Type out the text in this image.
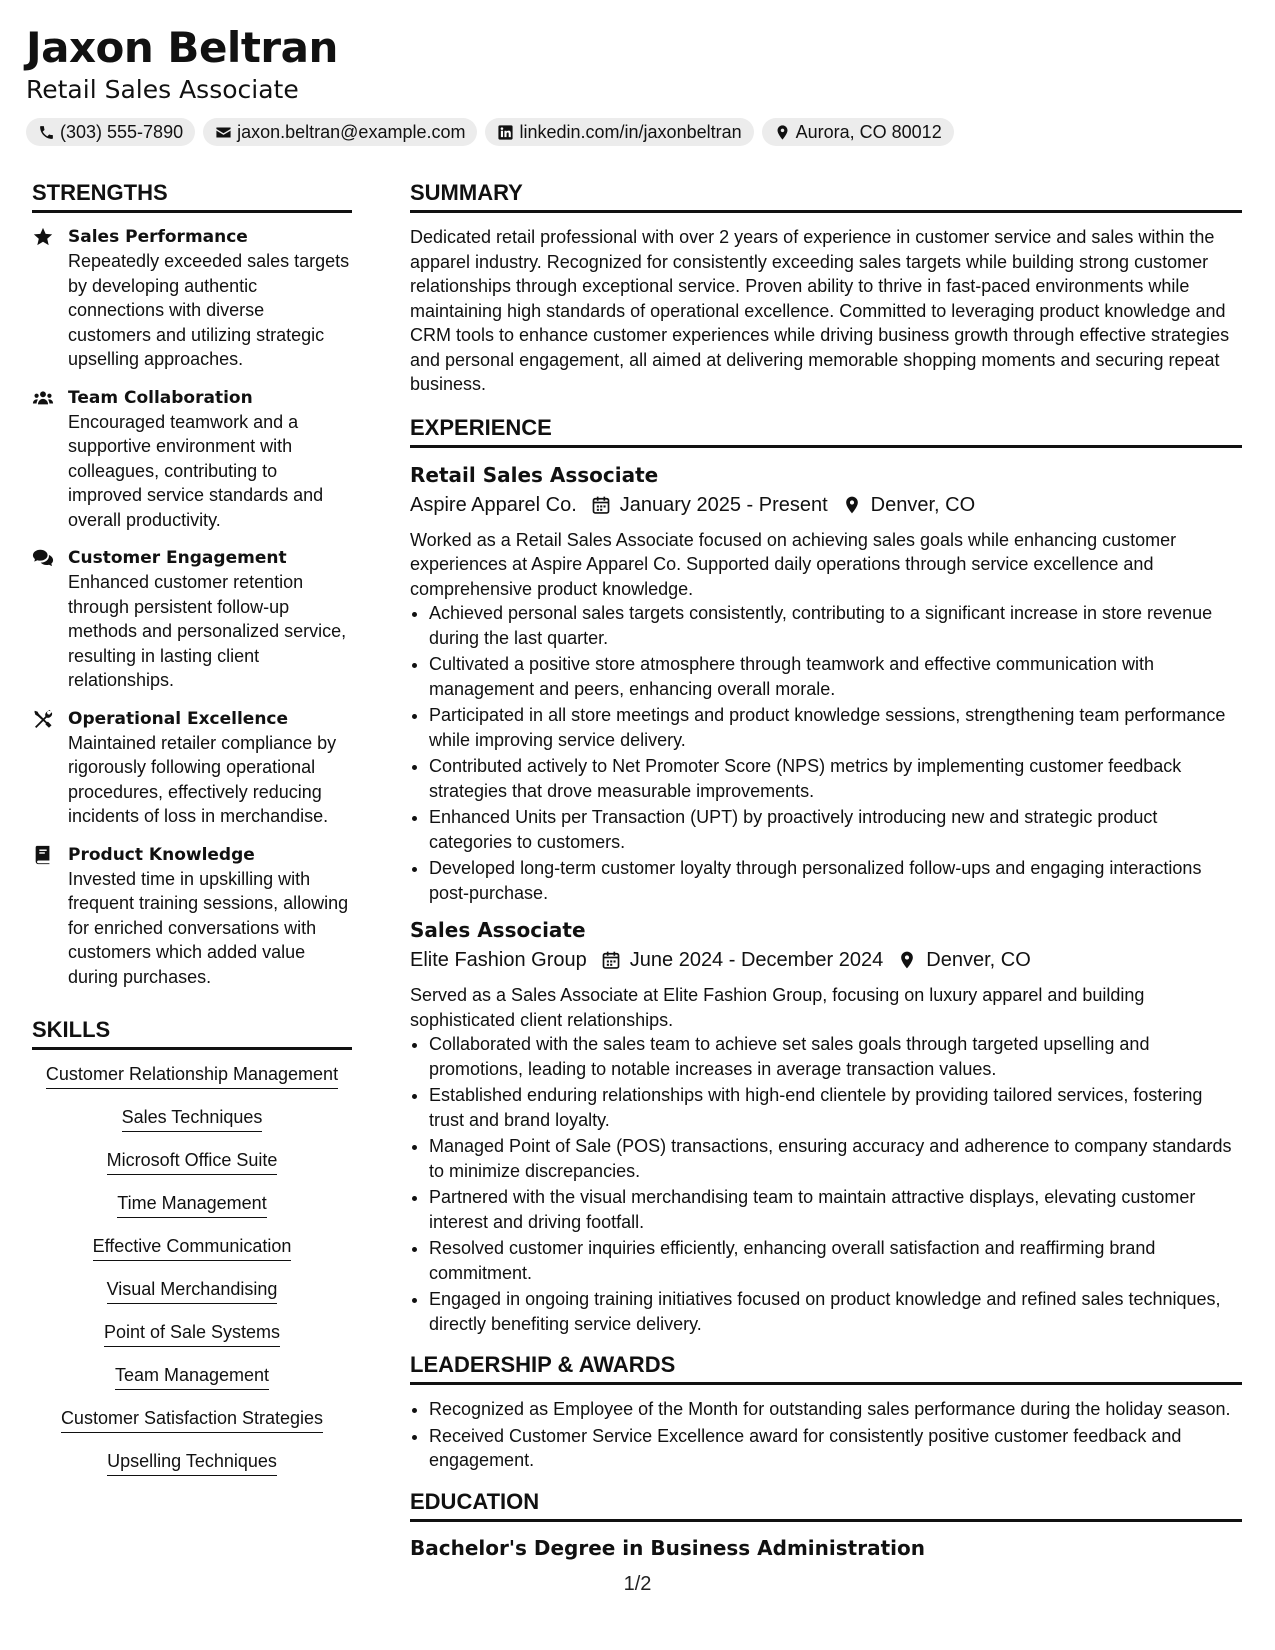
Jaxon Beltran
Retail Sales Associate
(303) 555-7890	jaxon.beltran@example.com	linkedin.com/in/jaxonbeltran	Aurora, CO 80012
STRENGTHS
Sales Performance
Repeatedly exceeded sales targets by developing authentic connections with diverse customers and utilizing strategic upselling approaches.
Team Collaboration
Encouraged teamwork and a supportive environment with colleagues, contributing to improved service standards and overall productivity.
Customer Engagement
Enhanced customer retention through persistent follow-up methods and personalized service, resulting in lasting client relationships.
Operational Excellence
Maintained retailer compliance by rigorously following operational procedures, effectively reducing incidents of loss in merchandise.
Product Knowledge
Invested time in upskilling with frequent training sessions, allowing for enriched conversations with customers which added value during purchases.
SKILLS
Customer Relationship Management
Sales Techniques
Microsoft Office Suite
Time Management
Effective Communication
Visual Merchandising
Point of Sale Systems
Team Management
Customer Satisfaction Strategies
Upselling Techniques
SUMMARY

Dedicated retail professional with over 2 years of experience in customer service and sales within the apparel industry. Recognized for consistently exceeding sales targets while building strong customer relationships through exceptional service. Proven ability to thrive in fast-paced environments while maintaining high standards of operational excellence. Committed to leveraging product knowledge and CRM tools to enhance customer experiences while driving business growth through effective strategies and personal engagement, all aimed at delivering memorable shopping moments and securing repeat business.

EXPERIENCE
Retail Sales Associate
Aspire Apparel Co. January 2025 - Present Denver, CO

Worked as a Retail Sales Associate focused on achieving sales goals while enhancing customer experiences at Aspire Apparel Co. Supported daily operations through service excellence and comprehensive product knowledge.

• Achieved personal sales targets consistently, contributing to a significant increase in store revenue during the last quarter.
• Cultivated a positive store atmosphere through teamwork and effective communication with management and peers, enhancing overall morale.
• Participated in all store meetings and product knowledge sessions, strengthening team performance while improving service delivery.
• Contributed actively to Net Promoter Score (NPS) metrics by implementing customer feedback strategies that drove measurable improvements.
• Enhanced Units per Transaction (UPT) by proactively introducing new and strategic product categories to customers.
• Developed long-term customer loyalty through personalized follow-ups and engaging interactions post-purchase.
Sales Associate
Elite Fashion Group June 2024 - December 2024 Denver, CO

Served as a Sales Associate at Elite Fashion Group, focusing on luxury apparel and building sophisticated client relationships.

• Collaborated with the sales team to achieve set sales goals through targeted upselling and promotions, leading to notable increases in average transaction values.
• Established enduring relationships with high-end clientele by providing tailored services, fostering trust and brand loyalty.
• Managed Point of Sale (POS) transactions, ensuring accuracy and adherence to company standards to minimize discrepancies.
• Partnered with the visual merchandising team to maintain attractive displays, elevating customer interest and driving footfall.
• Resolved customer inquiries efficiently, enhancing overall satisfaction and reaffirming brand commitment.
• Engaged in ongoing training initiatives focused on product knowledge and refined sales techniques, directly benefiting service delivery.
LEADERSHIP & AWARDS
• Recognized as Employee of the Month for outstanding sales performance during the holiday season.
• Received Customer Service Excellence award for consistently positive customer feedback and engagement.
EDUCATION
Bachelor's Degree in Business Administration
1/2
